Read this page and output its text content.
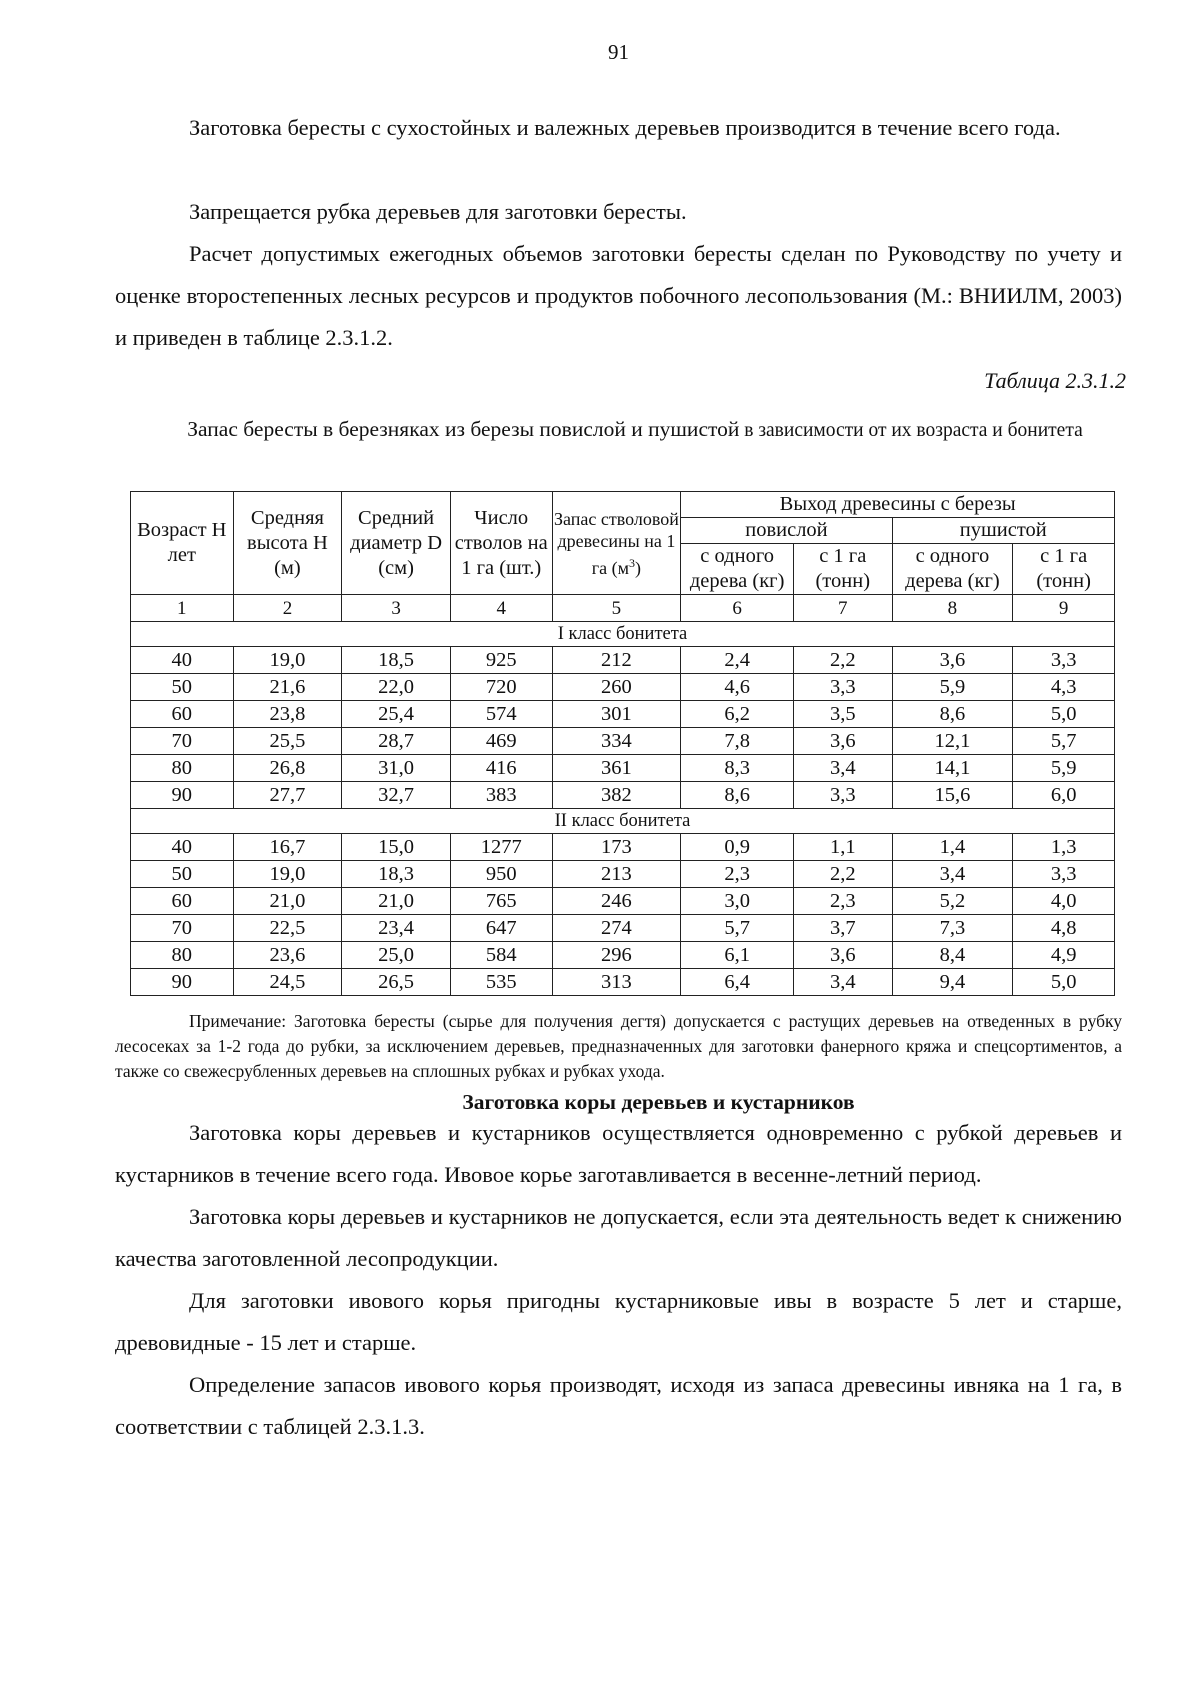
91

Заготовка бересты с сухостойных и валежных деревьев производится в течение всего года.

Запрещается рубка деревьев для заготовки бересты.

Расчет допустимых ежегодных объемов заготовки бересты сделан по Руководству по учету и оценке второстепенных лесных ресурсов и продуктов побочного лесопользования (М.: ВНИИЛМ, 2003) и приведен в таблице 2.3.1.2.

Таблица 2.3.1.2
Запас бересты в березняках из березы повислой и пушистой в зависимости от их возраста и бонитета
Возраст Н лет	Средняя высота Н (м)	Средний диаметр D (см)	Число стволов на 1 га (шт.)	Запас стволовой древесины на 1 га $(м^3)$	Выход древесины с березы			
					повислой		пушистой	
					с одного дерева (кг)	с 1 га (тонн)	с одного дерева (кг)	с 1 га (тонн)
1	2	3	4	5	6	7	8	9
I класс бонитета								
40	19,0	18,5	925	212	2,4	2,2	3,6	3,3
50	21,6	22,0	720	260	4,6	3,3	5,9	4,3
60	23,8	25,4	574	301	6,2	3,5	8,6	5,0
70	25,5	28,7	469	334	7,8	3,6	12,1	5,7
80	26,8	31,0	416	361	8,3	3,4	14,1	5,9
90	27,7	32,7	383	382	8,6	3,3	15,6	6,0
II класс бонитета								
40	16,7	15,0	1277	173	0,9	1,1	1,4	1,3
50	19,0	18,3	950	213	2,3	2,2	3,4	3,3
60	21,0	21,0	765	246	3,0	2,3	5,2	4,0
70	22,5	23,4	647	274	5,7	3,7	7,3	4,8
80	23,6	25,0	584	296	6,1	3,6	8,4	4,9
90	24,5	26,5	535	313	6,4	3,4	9,4	5,0

Примечание: Заготовка бересты (сырье для получения дегтя) допускается с растущих деревьев на отведенных в рубку лесосеках за 1-2 года до рубки, за исключением деревьев, предназначенных для заготовки фанерного кряжа и спецсортиментов, а также со свежесрубленных деревьев на сплошных рубках и рубках ухода.

Заготовка коры деревьев и кустарников

Заготовка коры деревьев и кустарников осуществляется одновременно с рубкой деревьев и кустарников в течение всего года. Ивовое корье заготавливается в весенне-летний период.

Заготовка коры деревьев и кустарников не допускается, если эта деятельность ведет к снижению качества заготовленной лесопродукции.

Для заготовки ивового корья пригодны кустарниковые ивы в возрасте 5 лет и старше, древовидные - 15 лет и старше.

Определение запасов ивового корья производят, исходя из запаса древесины ивняка на 1 га, в соответствии с таблицей 2.3.1.3.
